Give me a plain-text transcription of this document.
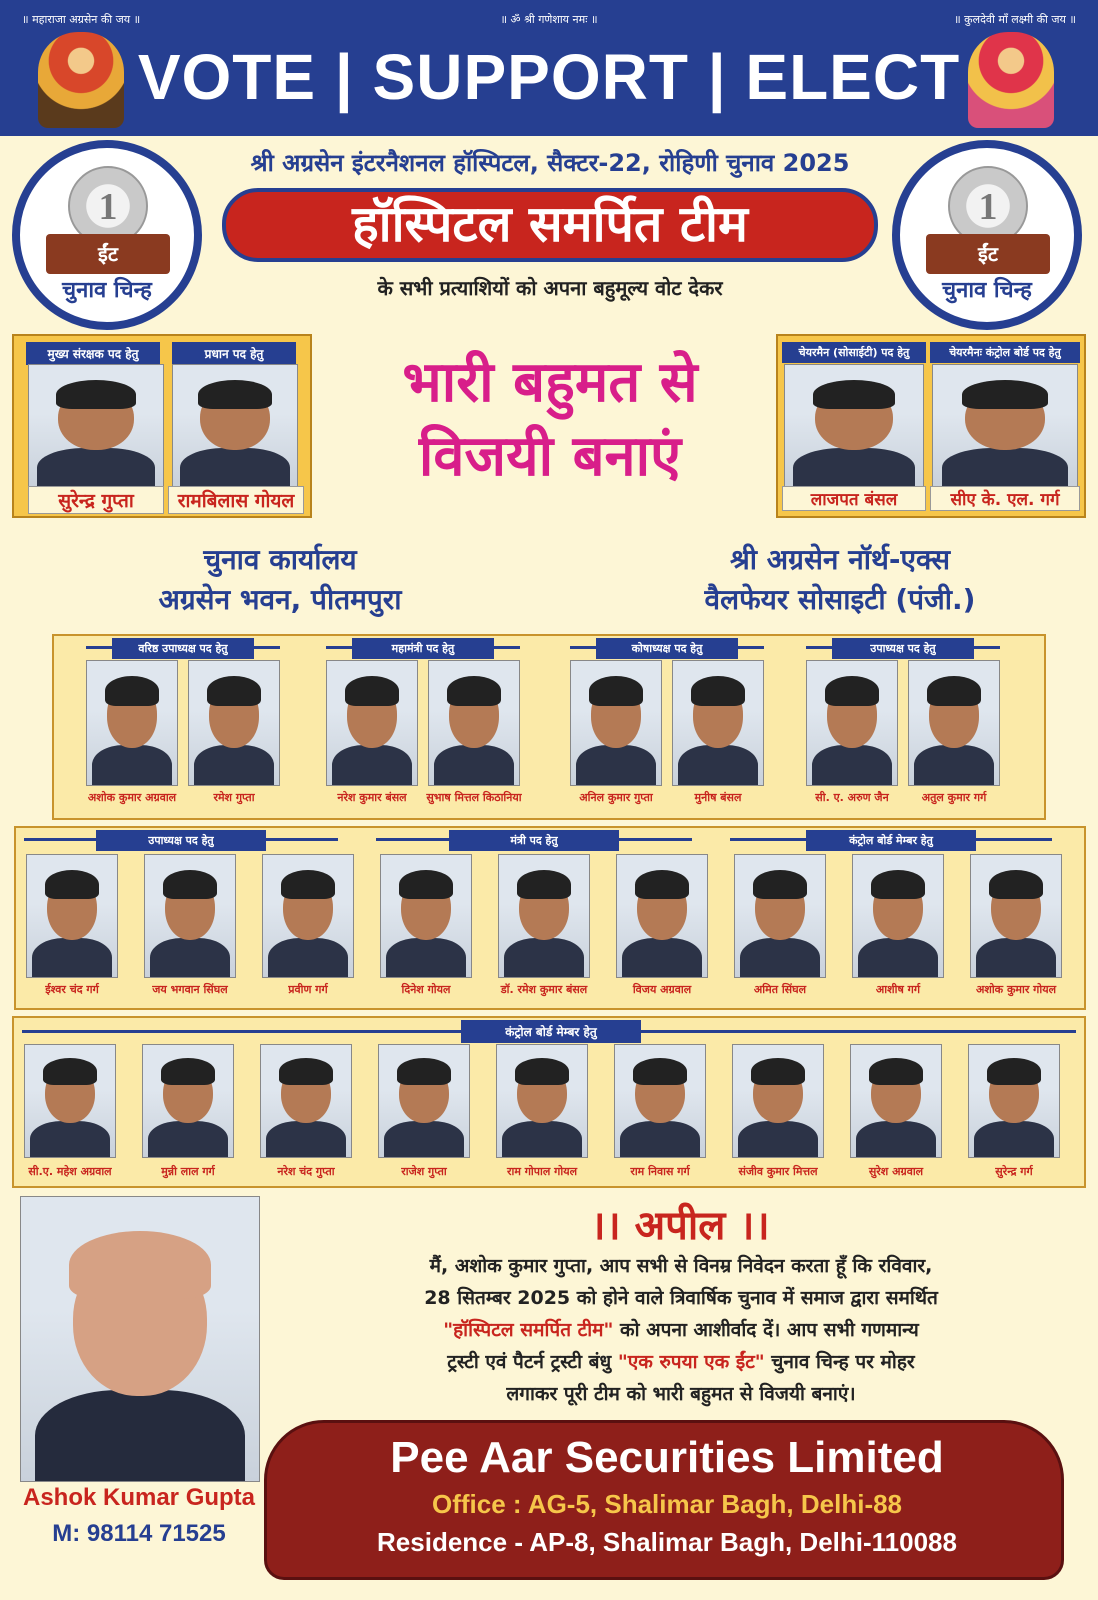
॥ महाराजा अग्रसेन की जय ॥	॥ ॐ श्री गणेशाय नमः ॥	॥ कुलदेवी माँ लक्ष्मी की जय ॥
VOTE | SUPPORT | ELECT
1
ईंट
चुनाव चिन्ह
1
ईंट
चुनाव चिन्ह
श्री अग्रसेन इंटरनैशनल हॉस्पिटल, सैक्टर-22, रोहिणी चुनाव 2025
हॉस्पिटल समर्पित टीम
के सभी प्रत्याशियों को अपना बहुमूल्य वोट देकर
मुख्य संरक्षक पद हेतु	प्रधान पद हेतु
सुरेन्द्र गुप्ता	रामबिलास गोयल
भारी बहुमत से
विजयी बनाएं
चेयरमैन (सोसाईटी) पद हेतु	चेयरमैनः कंट्रोल बोर्ड पद हेतु
लाजपत बंसल	सीए के. एल. गर्ग
चुनाव कार्यालय
अग्रसेन भवन, पीतमपुरा
श्री अग्रसेन नॉर्थ-एक्स
वैलफेयर सोसाइटी (पंजी.)
वरिष्ठ उपाध्यक्ष पद हेतु
अशोक कुमार अग्रवाल	रमेश गुप्ता
महामंत्री पद हेतु
नरेश कुमार बंसल	सुभाष मित्तल किठानिया
कोषाध्यक्ष पद हेतु
अनिल कुमार गुप्ता	मुनीष बंसल
उपाध्यक्ष पद हेतु
सी. ए. अरुण जैन	अतुल कुमार गर्ग
उपाध्यक्ष पद हेतु	मंत्री पद हेतु	कंट्रोल बोर्ड मेम्बर हेतु
ईश्वर चंद गर्ग	जय भगवान सिंघल	प्रवीण गर्ग	दिनेश गोयल	डॉ. रमेश कुमार बंसल	विजय अग्रवाल	अमित सिंघल	आशीष गर्ग	अशोक कुमार गोयल
कंट्रोल बोर्ड मेम्बर हेतु
सी.ए. महेश अग्रवाल	मुन्नी लाल गर्ग	नरेश चंद गुप्ता	राजेश गुप्ता	राम गोपाल गोयल	राम निवास गर्ग	संजीव कुमार मित्तल	सुरेश अग्रवाल	सुरेन्द्र गर्ग
Ashok Kumar Gupta
M: 98114 71525
।। अपील ।।
मैं, अशोक कुमार गुप्ता, आप सभी से विनम्र निवेदन करता हूँ कि रविवार,
28 सितम्बर 2025 को होने वाले त्रिवार्षिक चुनाव में समाज द्वारा समर्थित
"हॉस्पिटल समर्पित टीम" को अपना आशीर्वाद दें। आप सभी गणमान्य
ट्रस्टी एवं पैटर्न ट्रस्टी बंधु "एक रुपया एक ईंट" चुनाव चिन्ह पर मोहर
लगाकर पूरी टीम को भारी बहुमत से विजयी बनाएं।
Pee Aar Securities Limited
Office : AG-5, Shalimar Bagh, Delhi-88
Residence - AP-8, Shalimar Bagh, Delhi-110088
